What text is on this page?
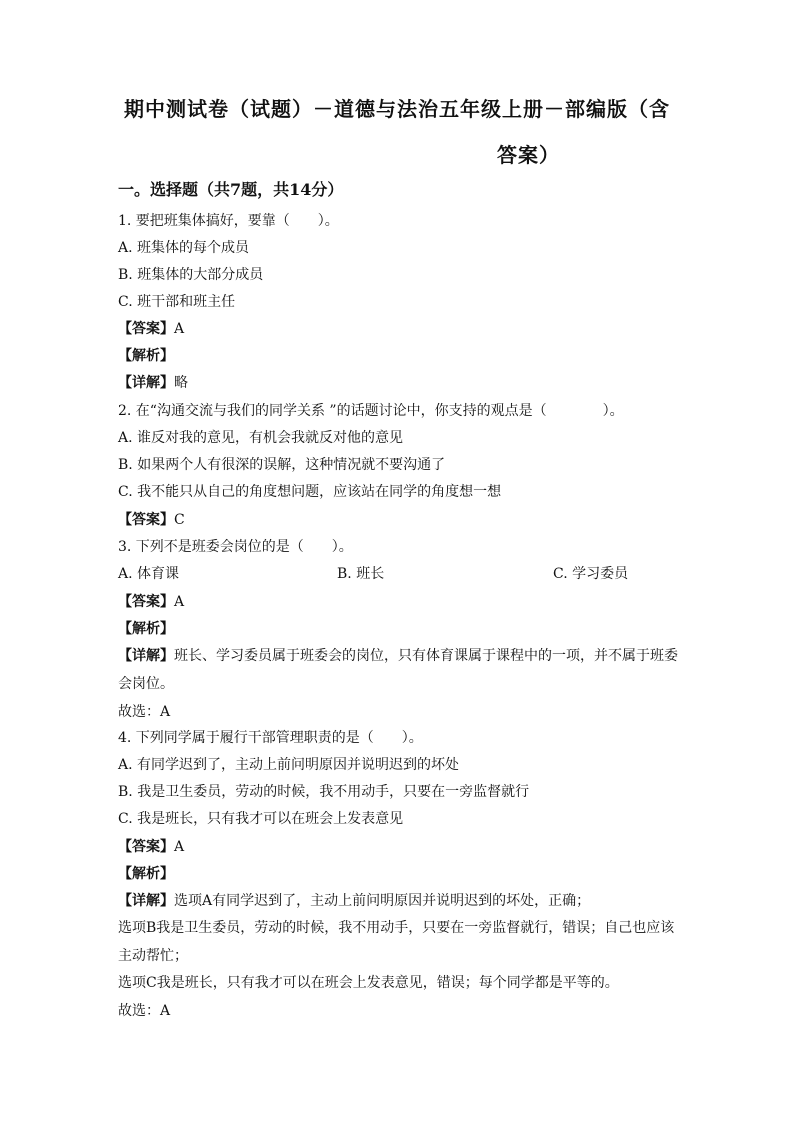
期中测试卷（试题）－道德与法治五年级上册－部编版（含
答案）
一。选择题（共7题，共14分）
1. 要把班集体搞好，要靠（　　）。
A. 班集体的每个成员
B. 班集体的大部分成员
C. 班干部和班主任
【答案】A
【解析】
【详解】略
2. 在“沟通交流与我们的同学关系 ”的话题讨论中，你支持的观点是（　　　　）。
A. 谁反对我的意见，有机会我就反对他的意见
B. 如果两个人有很深的误解，这种情况就不要沟通了
C. 我不能只从自己的角度想问题，应该站在同学的角度想一想
【答案】C
3. 下列不是班委会岗位的是（　　）。
A. 体育课	B. 班长	C. 学习委员
【答案】A
【解析】
【详解】班长、学习委员属于班委会的岗位，只有体育课属于课程中的一项，并不属于班委
会岗位。
故选：A
4. 下列同学属于履行干部管理职责的是（　　）。
A. 有同学迟到了，主动上前问明原因并说明迟到的坏处
B. 我是卫生委员，劳动的时候，我不用动手，只要在一旁监督就行
C. 我是班长，只有我才可以在班会上发表意见
【答案】A
【解析】
【详解】选项A有同学迟到了，主动上前问明原因并说明迟到的坏处，正确；
选项B我是卫生委员，劳动的时候，我不用动手，只要在一旁监督就行，错误；自己也应该
主动帮忙；
选项C我是班长，只有我才可以在班会上发表意见，错误；每个同学都是平等的。
故选：A
